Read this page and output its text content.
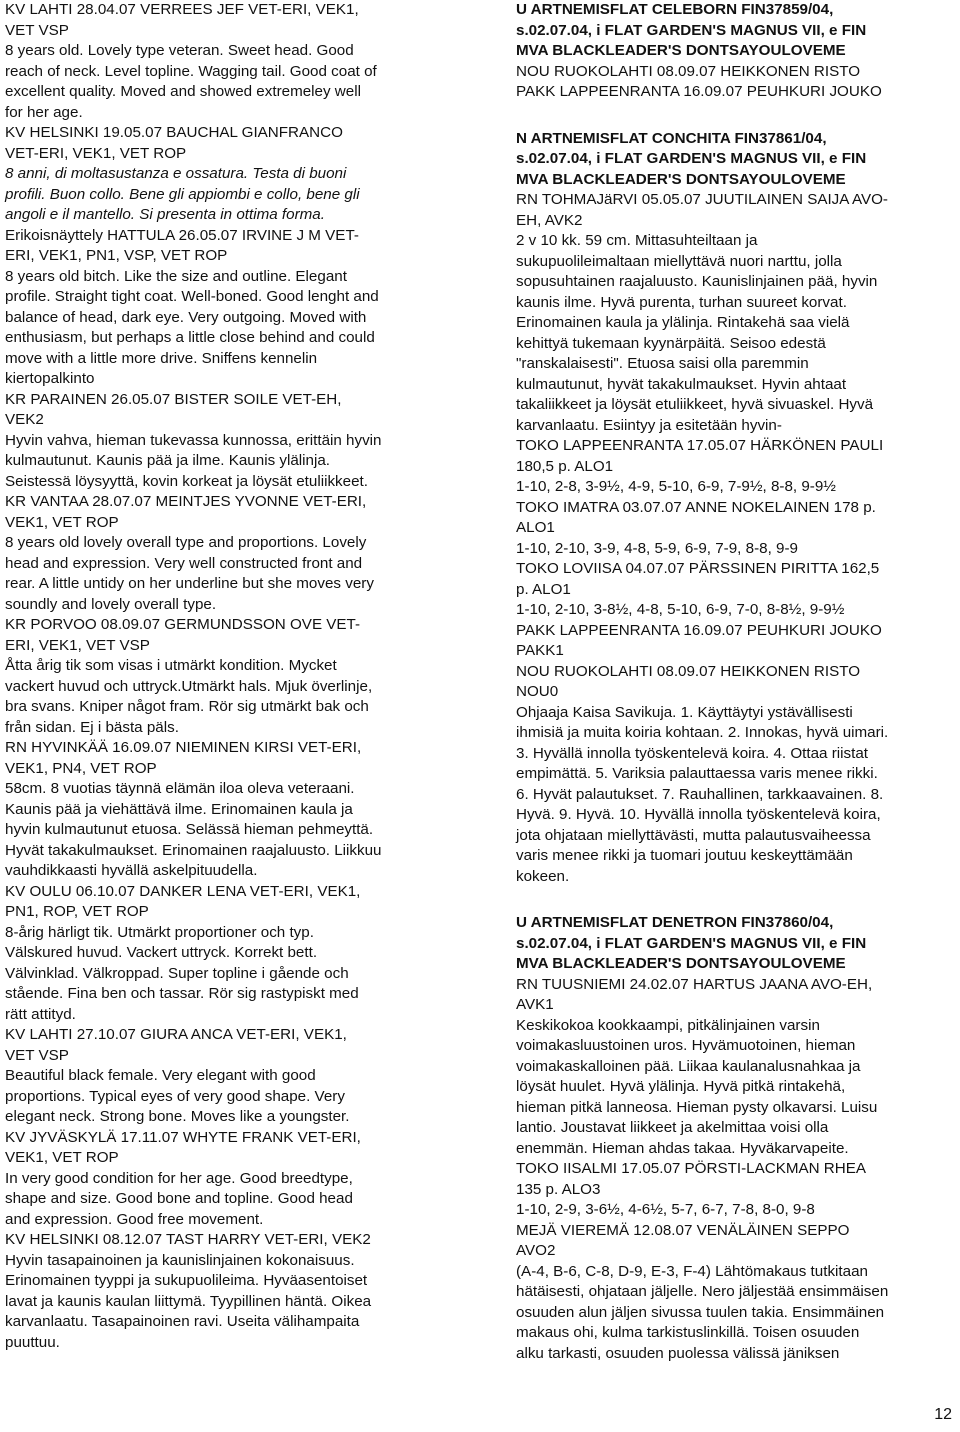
KV LAHTI 28.04.07 VERREES JEF VET-ERI, VEK1,
VET VSP
8 years old. Lovely type veteran. Sweet head. Good
reach of neck. Level topline. Wagging tail. Good coat of
excellent quality. Moved and showed extremeley well
for her age.
KV HELSINKI 19.05.07 BAUCHAL GIANFRANCO
VET-ERI, VEK1, VET ROP

8 anni, di moltasustanza e ossatura. Testa di buoni
profili. Buon collo. Bene gli appiombi e collo, bene gli
angoli e il mantello. Si presenta in ottima forma.

Erikoisnäyttely HATTULA 26.05.07 IRVINE J M VET-
ERI, VEK1, PN1, VSP, VET ROP
8 years old bitch. Like the size and outline. Elegant
profile. Straight tight coat. Well-boned. Good lenght and
balance of head, dark eye. Very outgoing. Moved with
enthusiasm, but perhaps a little close behind and could
move with a little more drive. Sniffens kennelin
kiertopalkinto
KR PARAINEN 26.05.07 BISTER SOILE VET-EH,
VEK2
Hyvin vahva, hieman tukevassa kunnossa, erittäin hyvin
kulmautunut. Kaunis pää ja ilme. Kaunis ylälinja.
Seistessä löysyyttä, kovin korkeat ja löysät etuliikkeet.
KR VANTAA 28.07.07 MEINTJES YVONNE VET-ERI,
VEK1, VET ROP
8 years old lovely overall type and proportions. Lovely
head and expression. Very well constructed front and
rear. A little untidy on her underline but she moves very
soundly and lovely overall type.
KR PORVOO 08.09.07 GERMUNDSSON OVE VET-
ERI, VEK1, VET VSP
Åtta årig tik som visas i utmärkt kondition. Mycket
vackert huvud och uttryck.Utmärkt hals. Mjuk överlinje,
bra svans. Kniper något fram. Rör sig utmärkt bak och
från sidan. Ej i bästa päls.
RN HYVINKÄÄ 16.09.07 NIEMINEN KIRSI VET-ERI,
VEK1, PN4, VET ROP
58cm. 8 vuotias täynnä elämän iloa oleva veteraani.
Kaunis pää ja viehättävä ilme. Erinomainen kaula ja
hyvin kulmautunut etuosa. Selässä hieman pehmeyttä.
Hyvät takakulmaukset. Erinomainen raajaluusto. Liikkuu
vauhdikkaasti hyvällä askelpituudella.
KV OULU 06.10.07 DANKER LENA VET-ERI, VEK1,
PN1, ROP, VET ROP
8-årig härligt tik. Utmärkt proportioner och typ.
Välskured huvud. Vackert uttryck. Korrekt bett.
Välvinklad. Välkroppad. Super topline i gående och
stående. Fina ben och tassar. Rör sig rastypiskt med
rätt attityd.
KV LAHTI 27.10.07 GIURA ANCA VET-ERI, VEK1,
VET VSP
Beautiful black female. Very elegant with good
proportions. Typical eyes of very good shape. Very
elegant neck. Strong bone. Moves like a youngster.
KV JYVÄSKYLÄ 17.11.07 WHYTE FRANK VET-ERI,
VEK1, VET ROP
In very good condition for her age. Good breedtype,
shape and size. Good bone and topline. Good head
and expression. Good free movement.
KV HELSINKI 08.12.07 TAST HARRY VET-ERI, VEK2
Hyvin tasapainoinen ja kaunislinjainen kokonaisuus.
Erinomainen tyyppi ja sukupuolileima. Hyväasentoiset
lavat ja kaunis kaulan liittymä. Tyypillinen häntä. Oikea
karvanlaatu. Tasapainoinen ravi. Useita välihampaita
puuttuu.

U ARTNEMISFLAT CELEBORN FIN37859/04,
s.02.07.04, i FLAT GARDEN'S MAGNUS VII, e FIN
MVA BLACKLEADER'S DONTSAYOULOVEME

NOU RUOKOLAHTI 08.09.07 HEIKKONEN RISTO
PAKK LAPPEENRANTA 16.09.07 PEUHKURI JOUKO

N ARTNEMISFLAT CONCHITA FIN37861/04,
s.02.07.04, i FLAT GARDEN'S MAGNUS VII, e FIN
MVA BLACKLEADER'S DONTSAYOULOVEME

RN TOHMAJäRVI 05.05.07 JUUTILAINEN SAIJA AVO-
EH, AVK2
2 v 10 kk. 59 cm. Mittasuhteiltaan ja
sukupuolileimaltaan miellyttävä nuori narttu, jolla
sopusuhtainen raajaluusto. Kaunislinjainen pää, hyvin
kaunis ilme. Hyvä purenta, turhan suureet korvat.
Erinomainen kaula ja ylälinja. Rintakehä saa vielä
kehittyä tukemaan kyynärpäitä. Seisoo edestä
"ranskalaisesti". Etuosa saisi olla paremmin
kulmautunut, hyvät takakulmaukset. Hyvin ahtaat
takaliikkeet ja löysät etuliikkeet, hyvä sivuaskel. Hyvä
karvanlaatu. Esiintyy ja esitetään hyvin-
TOKO LAPPEENRANTA 17.05.07 HÄRKÖNEN PAULI
180,5 p. ALO1
1-10, 2-8, 3-9½, 4-9, 5-10, 6-9, 7-9½, 8-8, 9-9½
TOKO IMATRA 03.07.07 ANNE NOKELAINEN 178 p.
ALO1
1-10, 2-10, 3-9, 4-8, 5-9, 6-9, 7-9, 8-8, 9-9
TOKO LOVIISA 04.07.07 PÄRSSINEN PIRITTA 162,5
p. ALO1
1-10, 2-10, 3-8½, 4-8, 5-10, 6-9, 7-0, 8-8½, 9-9½
PAKK LAPPEENRANTA 16.09.07 PEUHKURI JOUKO
PAKK1
NOU RUOKOLAHTI 08.09.07 HEIKKONEN RISTO
NOU0
Ohjaaja Kaisa Savikuja. 1. Käyttäytyi ystävällisesti
ihmisiä ja muita koiria kohtaan. 2. Innokas, hyvä uimari.
3. Hyvällä innolla työskentelevä koira. 4. Ottaa riistat
empimättä. 5. Variksia palauttaessa varis menee rikki.
6. Hyvät palautukset. 7. Rauhallinen, tarkkaavainen. 8.
Hyvä. 9. Hyvä. 10. Hyvällä innolla työskentelevä koira,
jota ohjataan miellyttävästi, mutta palautusvaiheessa
varis menee rikki ja tuomari joutuu keskeyttämään
kokeen.

U ARTNEMISFLAT DENETRON FIN37860/04,
s.02.07.04, i FLAT GARDEN'S MAGNUS VII, e FIN
MVA BLACKLEADER'S DONTSAYOULOVEME

RN TUUSNIEMI 24.02.07 HARTUS JAANA AVO-EH,
AVK1
Keskikokoa kookkaampi, pitkälinjainen varsin
voimakasluustoinen uros. Hyvämuotoinen, hieman
voimakaskalloinen pää. Liikaa kaulanalusnahkaa ja
löysät huulet. Hyvä ylälinja. Hyvä pitkä rintakehä,
hieman pitkä lanneosa. Hieman pysty olkavarsi. Luisu
lantio. Joustavat liikkeet ja akelmittaa voisi olla
enemmän. Hieman ahdas takaa. Hyväkarvapeite.
TOKO IISALMI 17.05.07 PÖRSTI-LACKMAN RHEA
135 p. ALO3
1-10, 2-9, 3-6½, 4-6½, 5-7, 6-7, 7-8, 8-0, 9-8
MEJÄ VIEREMÄ 12.08.07 VENÄLÄINEN SEPPO
AVO2
(A-4, B-6, C-8, D-9, E-3, F-4) Lähtömakaus tutkitaan
hätäisesti, ohjataan jäljelle. Nero jäljestää ensimmäisen
osuuden alun jäljen sivussa tuulen takia. Ensimmäinen
makaus ohi, kulma tarkistuslinkillä. Toisen osuuden
alku tarkasti, osuuden puolessa välissä jäniksen

12
